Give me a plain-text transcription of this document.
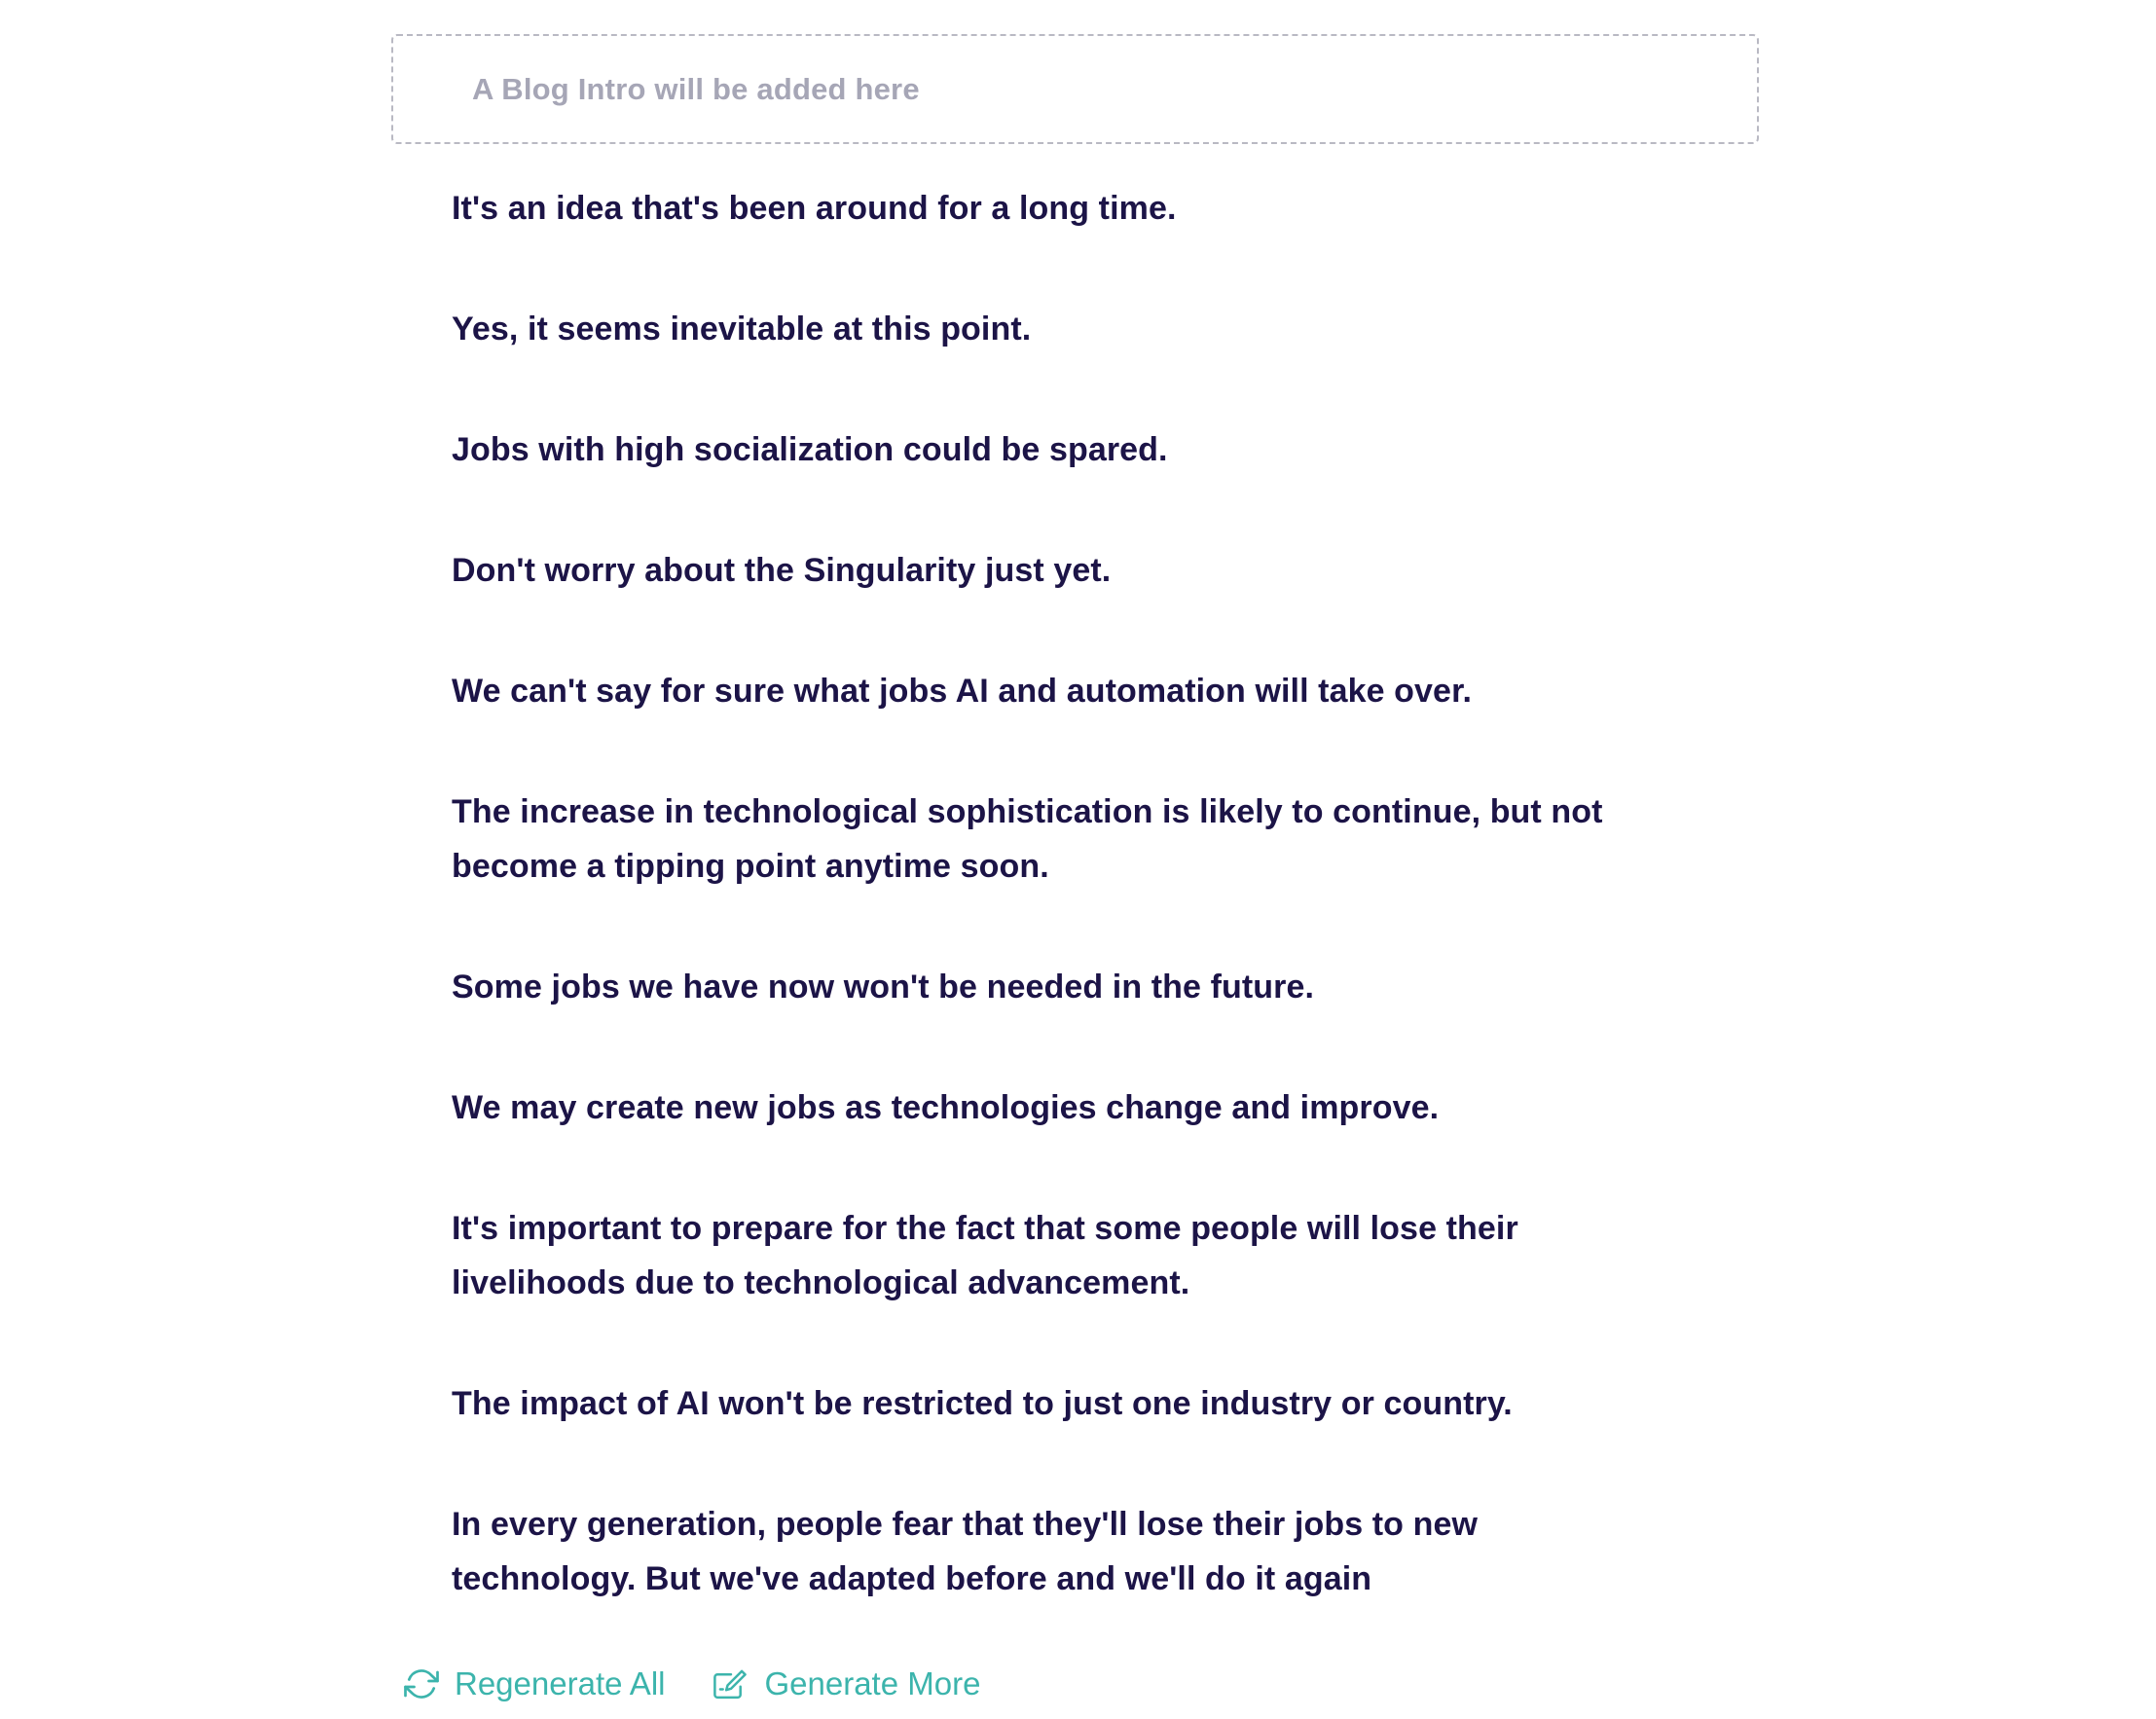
A Blog Intro will be added here

It's an idea that's been around for a long time.

Yes, it seems inevitable at this point.

Jobs with high socialization could be spared.

Don't worry about the Singularity just yet.

We can't say for sure what jobs AI and automation will take over.

The increase in technological sophistication is likely to continue, but not become a tipping point anytime soon.

Some jobs we have now won't be needed in the future.

We may create new jobs as technologies change and improve.

It's important to prepare for the fact that some people will lose their livelihoods due to technological advancement.

The impact of AI won't be restricted to just one industry or country.

In every generation, people fear that they'll lose their jobs to new technology. But we've adapted before and we'll do it again

Regenerate All	Generate More
